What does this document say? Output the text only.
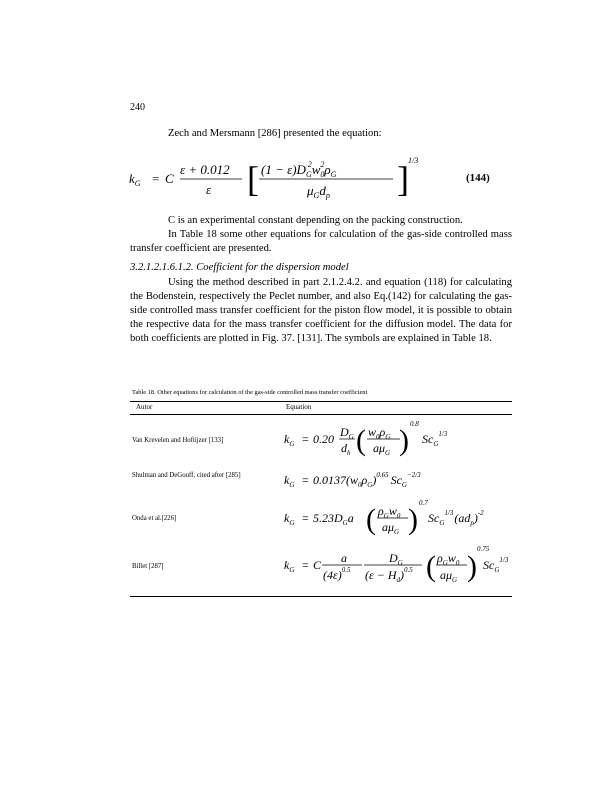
240
Zech and Mersmann [286] presented the equation:
$k_G = C$
ε + 0.012
ε [	]
$(1 - \varepsilon)D_G2w_02\rho_G$
$\mu_Gd_p$
1/3
(144)
C is an experimental constant depending on the packing construction.
In Table 18 some other equations for calculation of the gas-side controlled mass transfer coefficient are presented.
3.2.1.2.1.6.1.2. Coefficient for the dispersion model
Using the method described in part 2.1.2.4.2. and equation (118) for calculating the Bodenstein, respectively the Peclet number, and also Eq.(142) for calculating the gas-side controlled mass transfer coefficient for the piston flow model, it is possible to obtain the respective data for the mass transfer coefficient for the diffusion model. The data for both coefficients are plotted in Fig. 37. [131]. The symbols are explained in Table 18.
Table 18. Other equations for calculation of the gas-side controlled mass transfer coefficient
Autor	Equation
Van Krevelen and Hoftijzer [133]	$k_G = 0.20$ $D_G$
$d_h$ ( $w_0\rho_G$
$a\mu_G$ ) 0.8
$Sc_G^{1/3}$
Shulman and DeGouff, cited after [285]	$k_G = 0.0137(w_0\rho_G)^{0.65}$ $Sc_G^{-2/3}$
Onda et al.[226]	$k_G = 5.23D_Ga$ ( $\rho_Gw_0$
$a\mu_G$ ) 0.7
$Sc_G^{1/3}(ad_p)^{-2}$
Billet [287]	$k_G = C$ a
$(4\varepsilon)^{0.5}$
$D_G$
$(\varepsilon - H_d)^{0.5}$ ( $\rho_Gw_0$
$a\mu_G$ )
0.75
$Sc_G^{1/3}$
